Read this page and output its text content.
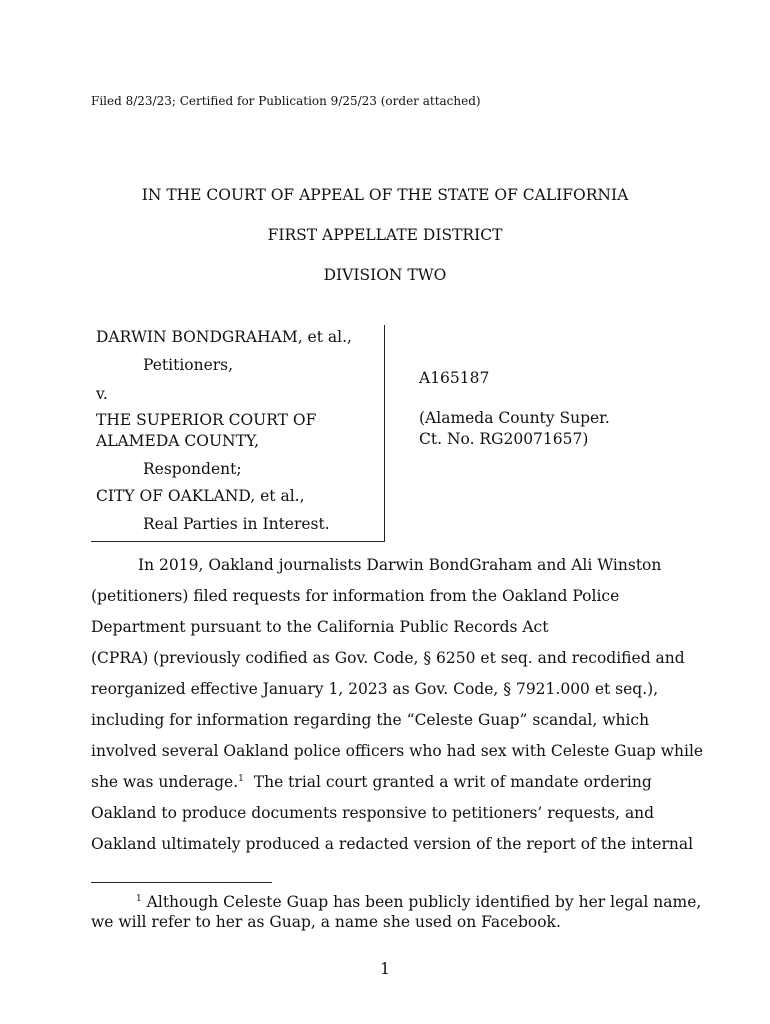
Filed 8/23/23; Certified for Publication 9/25/23 (order attached)
IN THE COURT OF APPEAL OF THE STATE OF CALIFORNIA
FIRST APPELLATE DISTRICT
DIVISION TWO
DARWIN BONDGRAHAM, et al.,
Petitioners,
v.
THE SUPERIOR COURT OF
ALAMEDA COUNTY,
Respondent;
CITY OF OAKLAND, et al.,
Real Parties in Interest.
A165187
(Alameda County Super.
Ct. No. RG20071657)
In 2019, Oakland journalists Darwin BondGraham and Ali Winston
(petitioners) filed requests for information from the Oakland Police
Department pursuant to the California Public Records Act
(CPRA) (previously codified as Gov. Code, § 6250 et seq. and recodified and
reorganized effective January 1, 2023 as Gov. Code, § 7921.000 et seq.),
including for information regarding the “Celeste Guap” scandal, which
involved several Oakland police officers who had sex with Celeste Guap while
she was underage.$^1$ The trial court granted a writ of mandate ordering
Oakland to produce documents responsive to petitioners’ requests, and
Oakland ultimately produced a redacted version of the report of the internal
$^1$ Although Celeste Guap has been publicly identified by her legal name,
we will refer to her as Guap, a name she used on Facebook.
1
